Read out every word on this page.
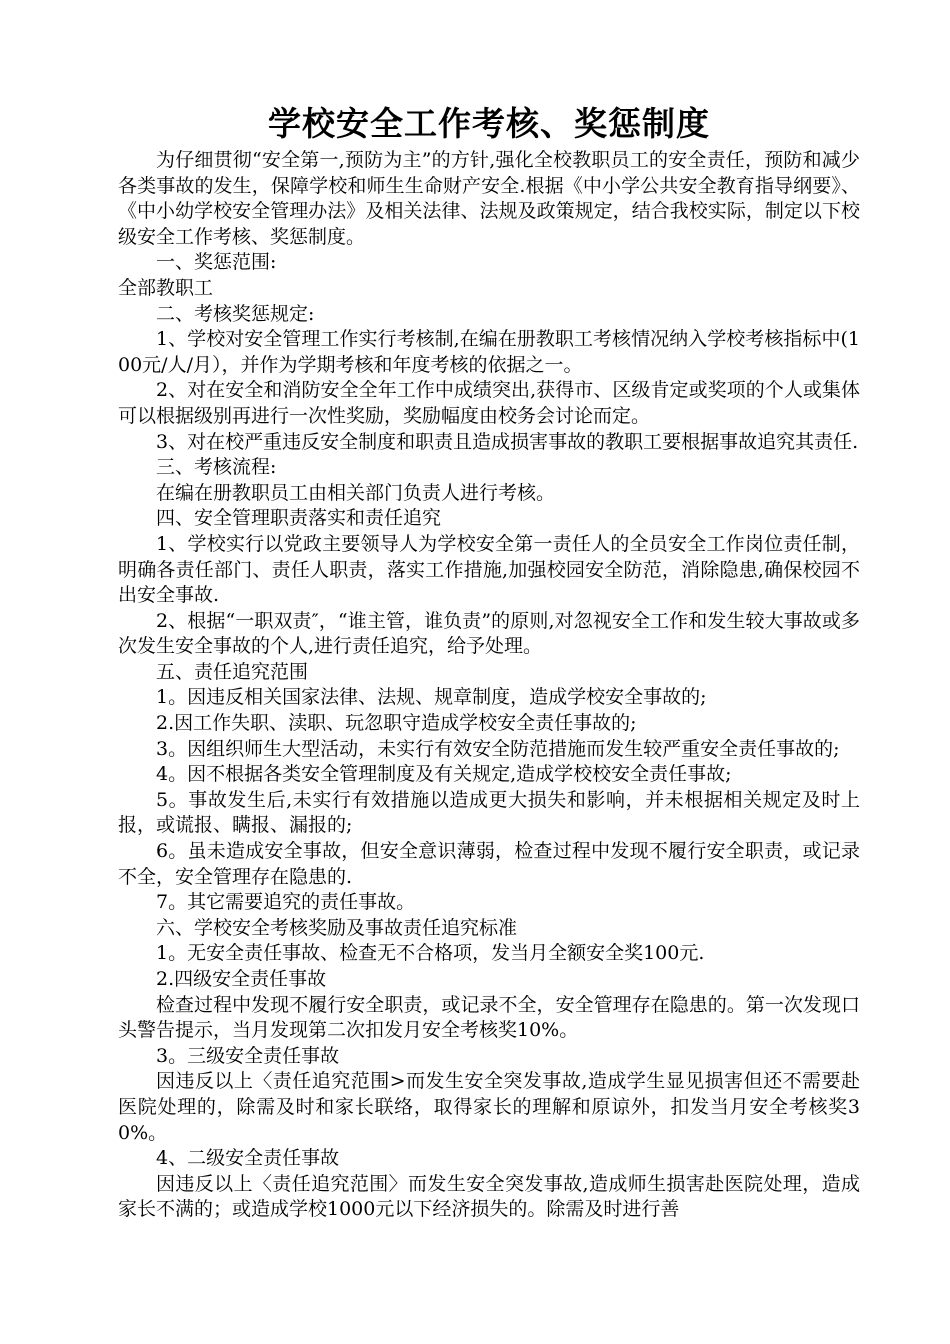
学校安全工作考核、奖惩制度

为仔细贯彻“安全第一,预防为主”的方针,强化全校教职员工的安全责任，预防和减少各类事故的发生，保障学校和师生生命财产安全.根据《中小学公共安全教育指导纲要》、《中小幼学校安全管理办法》及相关法律、法规及政策规定，结合我校实际，制定以下校级安全工作考核、奖惩制度。

一、奖惩范围:

全部教职工

二、考核奖惩规定:

1、学校对安全管理工作实行考核制,在编在册教职工考核情况纳入学校考核指标中(100元/人/月），并作为学期考核和年度考核的依据之一。

2、对在安全和消防安全全年工作中成绩突出,获得市、区级肯定或奖项的个人或集体可以根据级别再进行一次性奖励，奖励幅度由校务会讨论而定。

3、对在校严重违反安全制度和职责且造成损害事故的教职工要根据事故追究其责任.

三、考核流程:

在编在册教职员工由相关部门负责人进行考核。

四、安全管理职责落实和责任追究

1、学校实行以党政主要领导人为学校安全第一责任人的全员安全工作岗位责任制，明确各责任部门、责任人职责，落实工作措施,加强校园安全防范，消除隐患,确保校园不出安全事故.

2、根据“一职双责″，“谁主管，谁负责”的原则,对忽视安全工作和发生较大事故或多次发生安全事故的个人,进行责任追究，给予处理。

五、责任追究范围

1。因违反相关国家法律、法规、规章制度，造成学校安全事故的;

2.因工作失职、渎职、玩忽职守造成学校安全责任事故的;

3。因组织师生大型活动，未实行有效安全防范措施而发生较严重安全责任事故的;

4。因不根据各类安全管理制度及有关规定,造成学校校安全责任事故;

5。事故发生后,未实行有效措施以造成更大损失和影响，并未根据相关规定及时上报，或谎报、瞒报、漏报的;

6。虽未造成安全事故，但安全意识薄弱，检查过程中发现不履行安全职责，或记录不全，安全管理存在隐患的.

7。其它需要追究的责任事故。

六、学校安全考核奖励及事故责任追究标准

1。无安全责任事故、检查无不合格项，发当月全额安全奖100元.

2.四级安全责任事故

检查过程中发现不履行安全职责，或记录不全，安全管理存在隐患的。第一次发现口头警告提示，当月发现第二次扣发月安全考核奖10%。

3。三级安全责任事故

因违反以上〈责任追究范围>而发生安全突发事故,造成学生显见损害但还不需要赴医院处理的，除需及时和家长联络，取得家长的理解和原谅外，扣发当月安全考核奖30%。

4、二级安全责任事故

因违反以上〈责任追究范围〉而发生安全突发事故,造成师生损害赴医院处理，造成家长不满的；或造成学校1000元以下经济损失的。除需及时进行善
